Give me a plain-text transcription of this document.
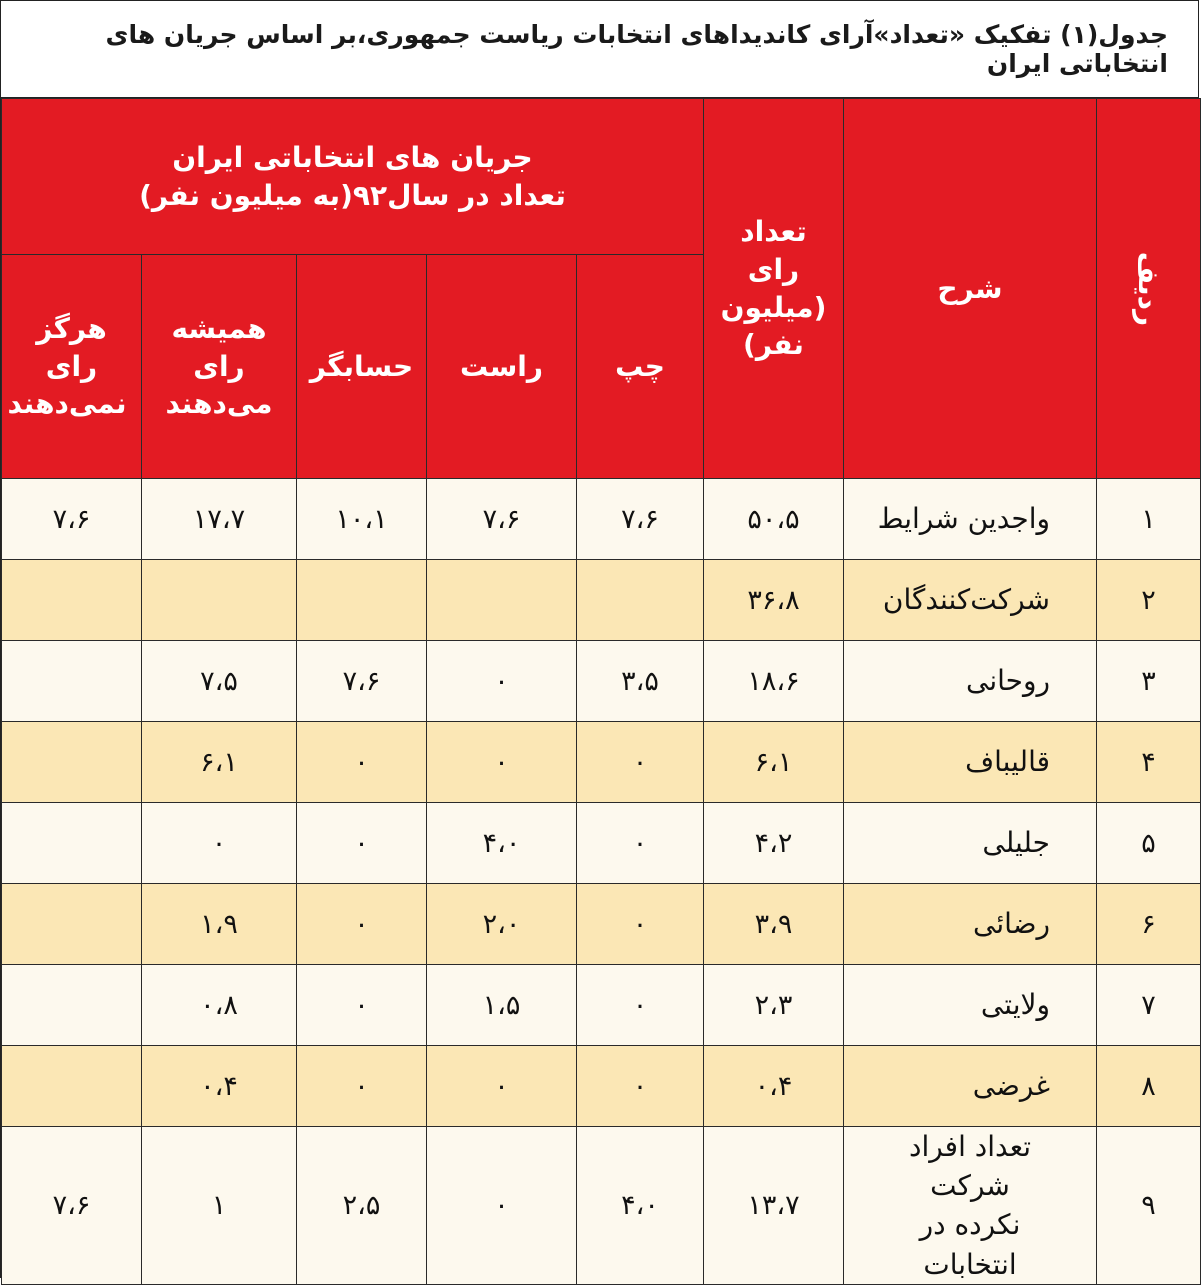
جدول(۱) تفکیک «تعداد»آرای کاندیداهای انتخابات ریاست جمهوری،بر اساس جریان های انتخاباتی ایران
ردیف	شرح	تعداد رای (میلیون نفر)	جریان های انتخاباتی ایران
تعداد در سال۹۲(به میلیون نفر)				

			چپ	راست	حسابگر	همیشه رای می‌دهند	هرگز رای نمی‌دهند

۱	واجدین شرایط	۵۰،۵	۷،۶	۷،۶	۱۰،۱	۱۷،۷	۷،۶
۲	شرکت‌کنندگان	۳۶،۸					
۳	روحانی	۱۸،۶	۳،۵	۰	۷،۶	۷،۵	
۴	قالیباف	۶،۱	۰	۰	۰	۶،۱	
۵	جلیلی	۴،۲	۰	۴،۰	۰	۰	
۶	رضائی	۳،۹	۰	۲،۰	۰	۱،۹	
۷	ولایتی	۲،۳	۰	۱،۵	۰	۰،۸	
۸	غرضی	۰،۴	۰	۰	۰	۰،۴	
۹	تعداد افراد شرکت نکرده در انتخابات	۱۳،۷	۴،۰	۰	۲،۵	۱	۷،۶
